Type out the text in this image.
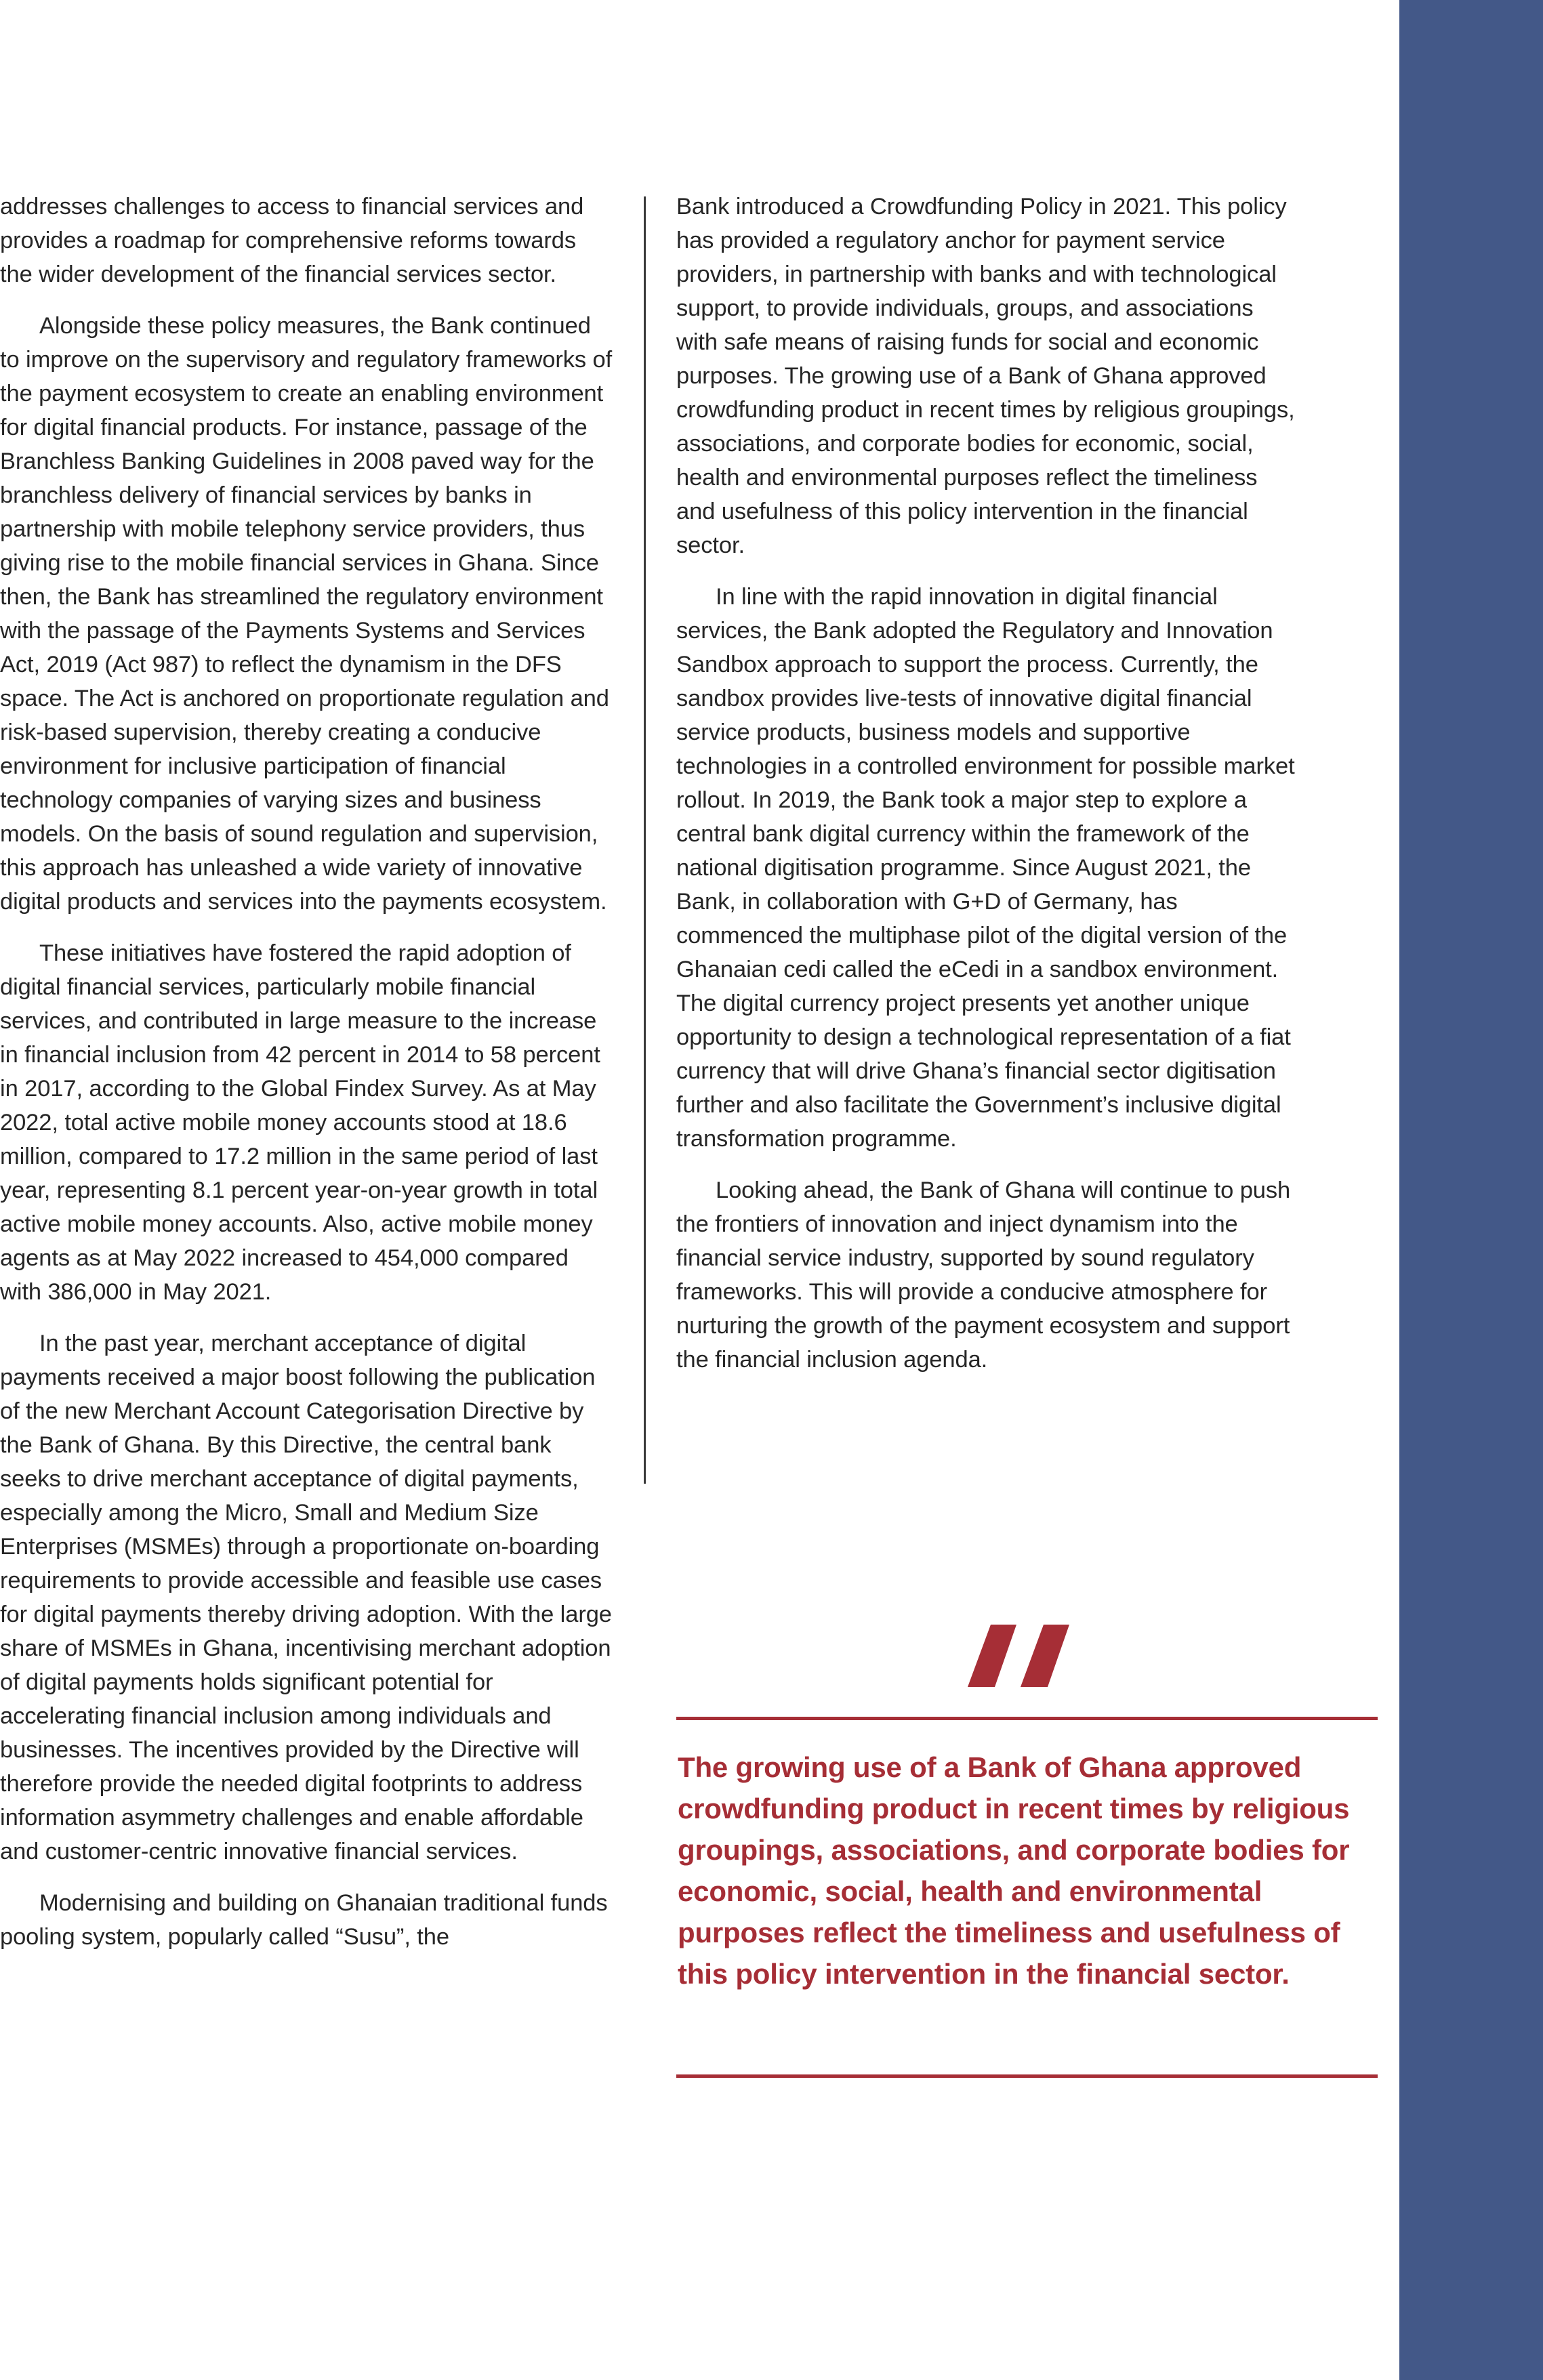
addresses challenges to access to financial services and provides a roadmap for comprehensive reforms towards the wider development of the financial services sector.

Alongside these policy measures, the Bank continued to improve on the supervisory and regulatory frameworks of the payment ecosystem to create an enabling environment for digital financial products. For instance, passage of the Branchless Banking Guidelines in 2008 paved way for the branchless delivery of financial services by banks in partnership with mobile telephony service providers, thus giving rise to the mobile financial services in Ghana. Since then, the Bank has streamlined the regulatory environment with the passage of the Payments Systems and Services Act, 2019 (Act 987) to reflect the dynamism in the DFS space. The Act is anchored on proportionate regulation and risk-based supervision, thereby creating a conducive environment for inclusive participation of financial technology companies of varying sizes and business models. On the basis of sound regulation and supervision, this approach has unleashed a wide variety of innovative digital products and services into the payments ecosystem.

These initiatives have fostered the rapid adoption of digital financial services, particularly mobile financial services, and contributed in large measure to the increase in financial inclusion from 42 percent in 2014 to 58 percent in 2017, according to the Global Findex Survey. As at May 2022, total active mobile money accounts stood at 18.6 million, compared to 17.2 million in the same period of last year, representing 8.1 percent year-on-year growth in total active mobile money accounts. Also, active mobile money agents as at May 2022 increased to 454,000 compared with 386,000 in May 2021.

In the past year, merchant acceptance of digital payments received a major boost following the publication of the new Merchant Account Categorisation Directive by the Bank of Ghana. By this Directive, the central bank seeks to drive merchant acceptance of digital payments, especially among the Micro, Small and Medium Size Enterprises (MSMEs) through a proportionate on-boarding requirements to provide accessible and feasible use cases for digital payments thereby driving adoption. With the large share of MSMEs in Ghana, incentivising merchant adoption of digital payments holds significant potential for accelerating financial inclusion among individuals and businesses. The incentives provided by the Directive will therefore provide the needed digital footprints to address information asymmetry challenges and enable affordable and customer-centric innovative financial services.

Modernising and building on Ghanaian traditional funds pooling system, popularly called “Susu”, the

Bank introduced a Crowdfunding Policy in 2021. This policy has provided a regulatory anchor for payment service providers, in partnership with banks and with technological support, to provide individuals, groups, and associations with safe means of raising funds for social and economic purposes. The growing use of a Bank of Ghana approved crowdfunding product in recent times by religious groupings, associations, and corporate bodies for economic, social, health and environmental purposes reflect the timeliness and usefulness of this policy intervention in the financial sector.

In line with the rapid innovation in digital financial services, the Bank adopted the Regulatory and Innovation Sandbox approach to support the process. Currently, the sandbox provides live-tests of innovative digital financial service products, business models and supportive technologies in a controlled environment for possible market rollout. In 2019, the Bank took a major step to explore a central bank digital currency within the framework of the national digitisation programme. Since August 2021, the Bank, in collaboration with G+D of Germany, has commenced the multiphase pilot of the digital version of the Ghanaian cedi called the eCedi in a sandbox environment. The digital currency project presents yet another unique opportunity to design a technological representation of a fiat currency that will drive Ghana’s financial sector digitisation further and also facilitate the Government’s inclusive digital transformation programme.

Looking ahead, the Bank of Ghana will continue to push the frontiers of innovation and inject dynamism into the financial service industry, supported by sound regulatory frameworks. This will provide a conducive atmosphere for nurturing the growth of the payment ecosystem and support the financial inclusion agenda.

The growing use of a Bank of Ghana approved crowdfunding product in recent times by religious groupings, associations, and corporate bodies for economic, social, health and environmental purposes reflect the timeliness and usefulness of this policy intervention in the financial sector.
